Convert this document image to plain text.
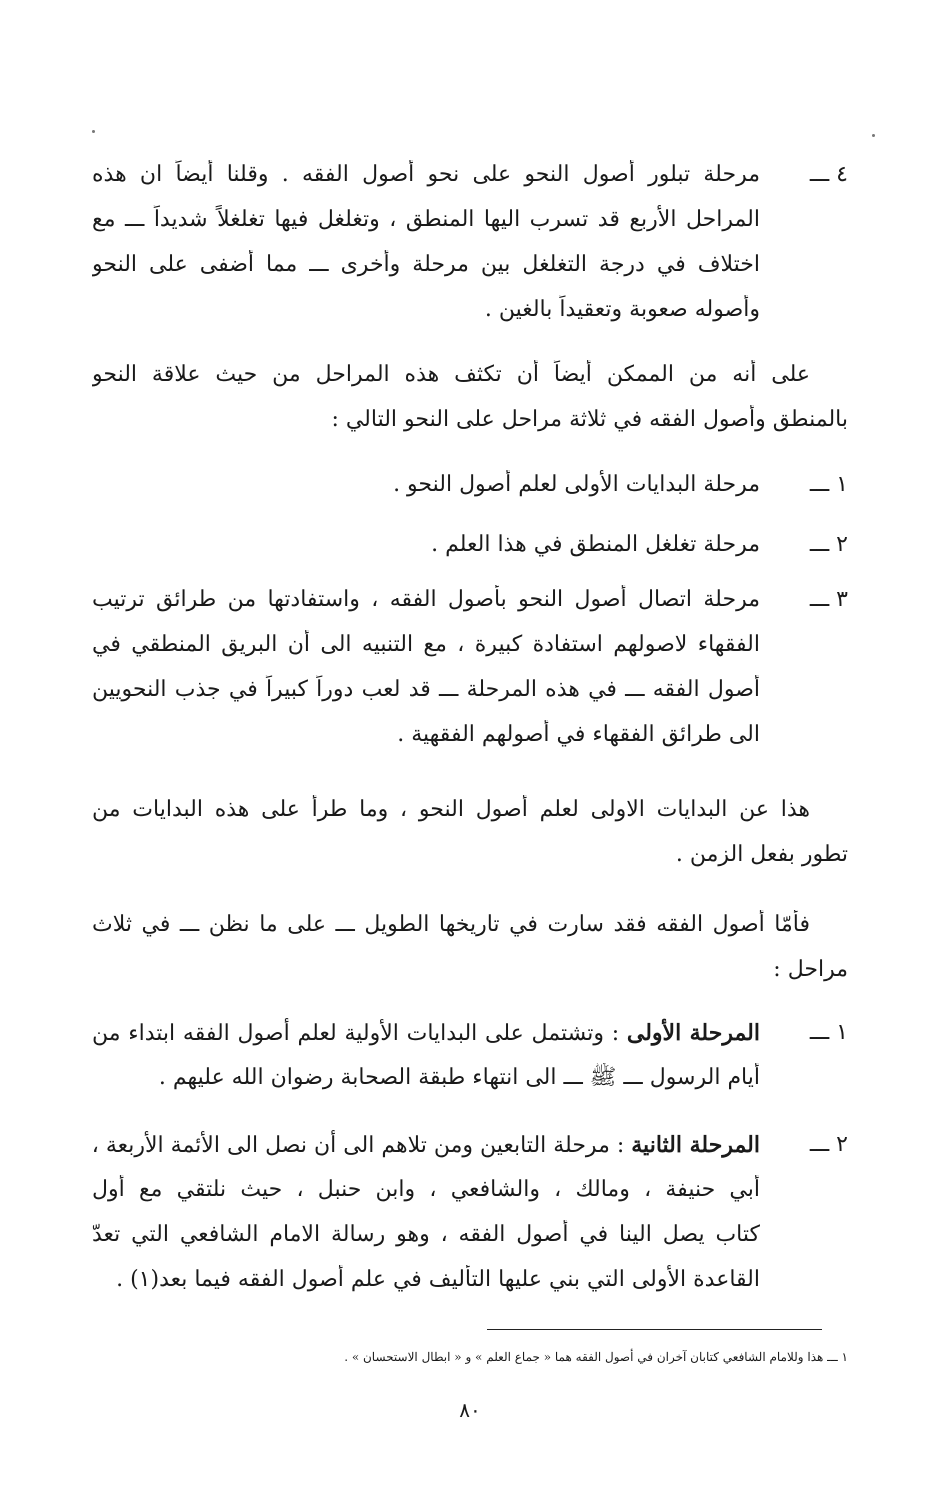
٤ ـــ
مرحلة تبلور أصول النحو على نحو أصول الفقه . وقلنا أيضاً ان هذه
المراحل الأربع قد تسرب اليها المنطق ، وتغلغل فيها تغلغلاً شديداً ـــ مع
اختلاف في درجة التغلغل بين مرحلة وأخرى ـــ مما أضفى على النحو
وأصوله صعوبة وتعقيداً بالغين .
على أنه من الممكن أيضاً أن تكثف هذه المراحل من حيث علاقة النحو
بالمنطق وأصول الفقه في ثلاثة مراحل على النحو التالي :
١ ـــ
مرحلة البدايات الأولى لعلم أصول النحو .
٢ ـــ
مرحلة تغلغل المنطق في هذا العلم .
٣ ـــ
مرحلة اتصال أصول النحو بأصول الفقه ، واستفادتها من طرائق ترتيب
الفقهاء لاصولهم استفادة كبيرة ، مع التنبيه الى أن البريق المنطقي في
أصول الفقه ـــ في هذه المرحلة ـــ قد لعب دوراً كبيراً في جذب النحويين
الى طرائق الفقهاء في أصولهم الفقهية .
هذا عن البدايات الاولى لعلم أصول النحو ، وما طرأ على هذه البدايات من
تطور بفعل الزمن .
فأمّا أصول الفقه فقد سارت في تاريخها الطويل ـــ على ما نظن ـــ في ثلاث
مراحل :
١ ـــ
المرحلة الأولى : وتشتمل على البدايات الأولية لعلم أصول الفقه ابتداء من
أيام الرسول ـــ ﷺ ـــ الى انتهاء طبقة الصحابة رضوان الله عليهم .
٢ ـــ
المرحلة الثانية : مرحلة التابعين ومن تلاهم الى أن نصل الى الأئمة الأربعة ،
أبي حنيفة ، ومالك ، والشافعي ، وابن حنبل ، حيث نلتقي مع أول
كتاب يصل الينا في أصول الفقه ، وهو رسالة الامام الشافعي التي تعدّ
القاعدة الأولى التي بني عليها التأليف في علم أصول الفقه فيما بعد(١) .
١ ـــ هذا وللامام الشافعي كتابان آخران في أصول الفقه هما « جماع العلم » و « ابطال الاستحسان » .
٨٠
